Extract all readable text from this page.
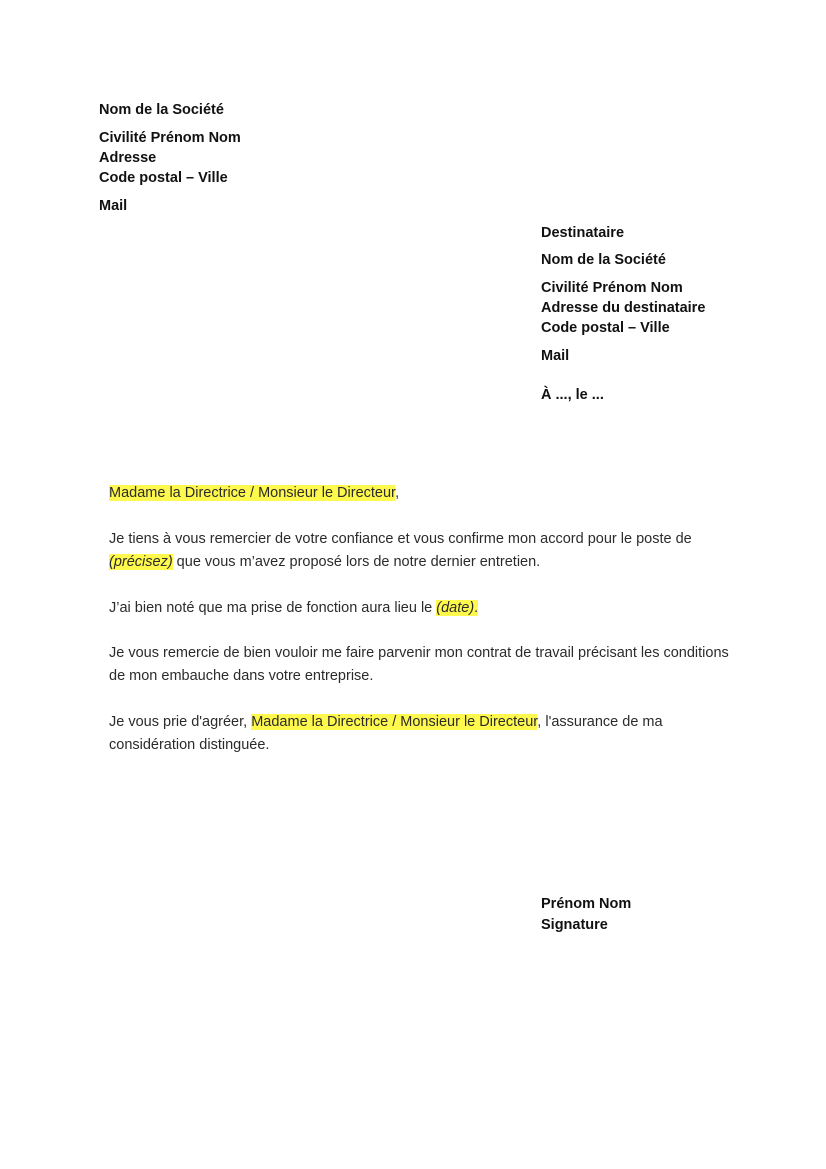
Nom de la Société
Civilité Prénom Nom
Adresse
Code postal – Ville
Mail
Destinataire
Nom de la Société
Civilité Prénom Nom
Adresse du destinataire
Code postal – Ville
Mail
À ..., le ...

Madame la Directrice / Monsieur le Directeur,

Je tiens à vous remercier de votre confiance et vous confirme mon accord pour le poste de (précisez) que vous m’avez proposé lors de notre dernier entretien.

J’ai bien noté que ma prise de fonction aura lieu le (date).

Je vous remercie de bien vouloir me faire parvenir mon contrat de travail précisant les conditions de mon embauche dans votre entreprise.

Je vous prie d'agréer, Madame la Directrice / Monsieur le Directeur, l'assurance de ma considération distinguée.

Prénom Nom
Signature
